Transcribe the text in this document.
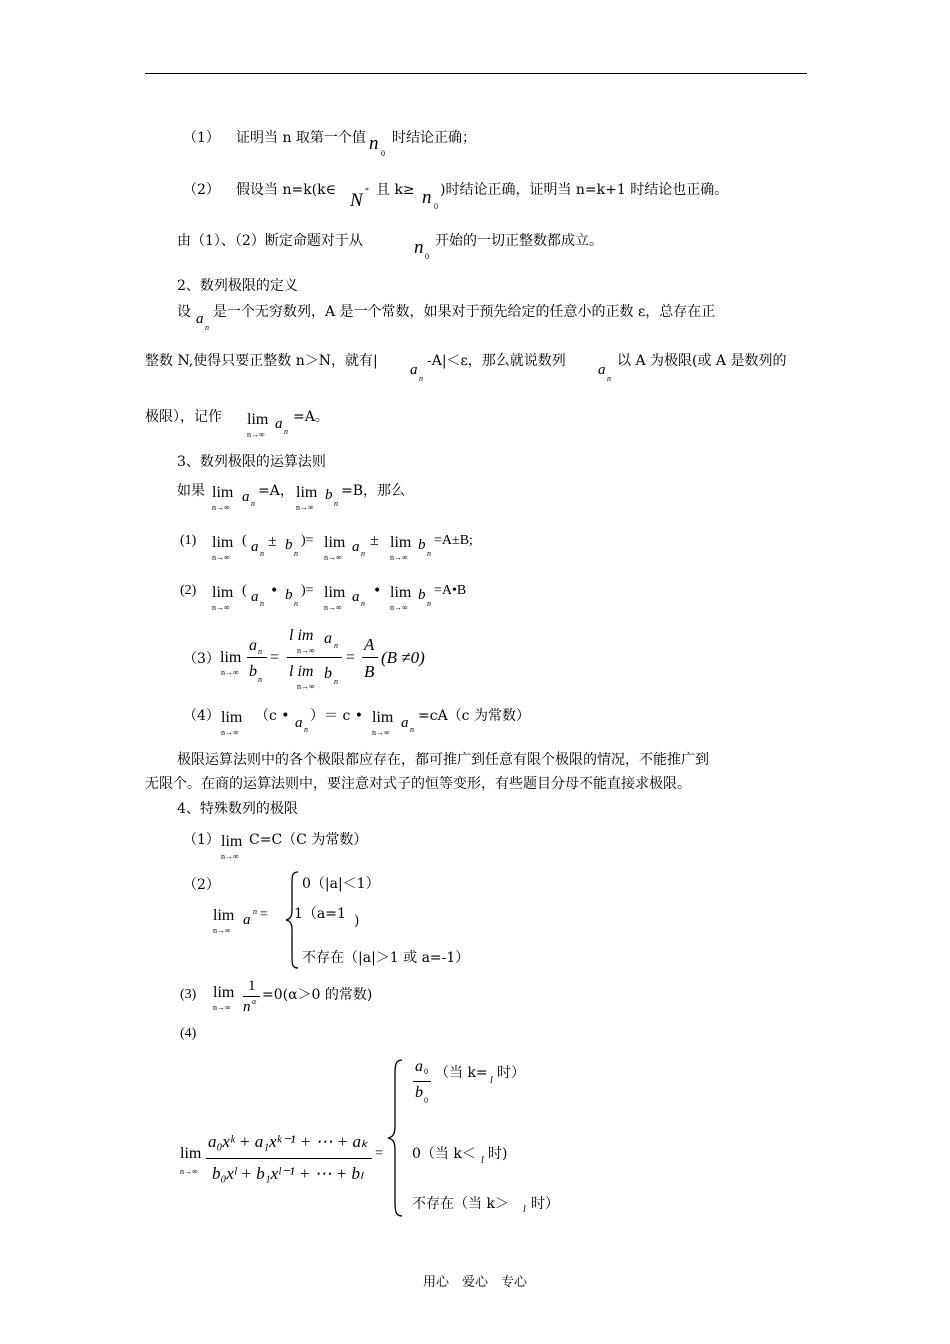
（1） 证明当 n 取第一个值 n 0
时结论正确；
（2） 假设当 n=k(k∈ N * 且 k≥ n 0
)时结论正确，证明当 n=k+1 时结论也正确。
由（1）、（2）断定命题对于从	n 0
开始的一切正整数都成立。
2、数列极限的定义
设 a
n
是一个无穷数列，A 是一个常数，如果对于预先给定的任意小的正数 ε，总存在正
整数 N,使得只要正整数 n＞N，就有|
a
n
-A|＜ε，那么就说数列
a
n
以 A 为极限(或 A 是数列的
极限），记作 lim
n→∞
a n
=A。
3、数列极限的运算法则
如果 lim
n→∞
a n
=A， lim
n→∞
b
n
=B，那么
(1) lim
n→∞
( a n
± b
n
)= lim
n→∞
a n
± lim
n→∞
b
n
=A±B;
(2) lim
n→∞
( a n
• b
n
)= lim
n→∞
a n
• lim
n→∞
b
n
=A•B
（3） lim
n→∞
a n
b n
=
l im
n→∞
a n
l im
n→∞
b n
=
A
B
(B ≠0)
（4） lim
n→∞
（c • a n
）＝ c • lim
n→∞
a n
=cA（c 为常数）
极限运算法则中的各个极限都应存在，都可推广到任意有限个极限的情况，不能推广到
无限个。在商的运算法则中，要注意对式子的恒等变形，有些题目分母不能直接求极限。
4、特殊数列的极限
（1） lim
n→∞
C=C（C 为常数）
（2）
lim
n→∞
a
n =
0（|a|＜1）
1（a=1 )
不存在（|a|＞1 或 a=-1）
(3) lim
n→∞
1
n α =0(α＞0 的常数)
(4)
lim
n→∞
a₀xᵏ + a₁xᵏ⁻¹ + ⋯ + aₖ
b₀xˡ + b₁xˡ⁻¹ + ⋯ + bₗ
=
a 0
b 0
（当 k= l 时）
0（当 k＜ l 时)
不存在（当 k＞ l 时）
用心　爱心　专心
